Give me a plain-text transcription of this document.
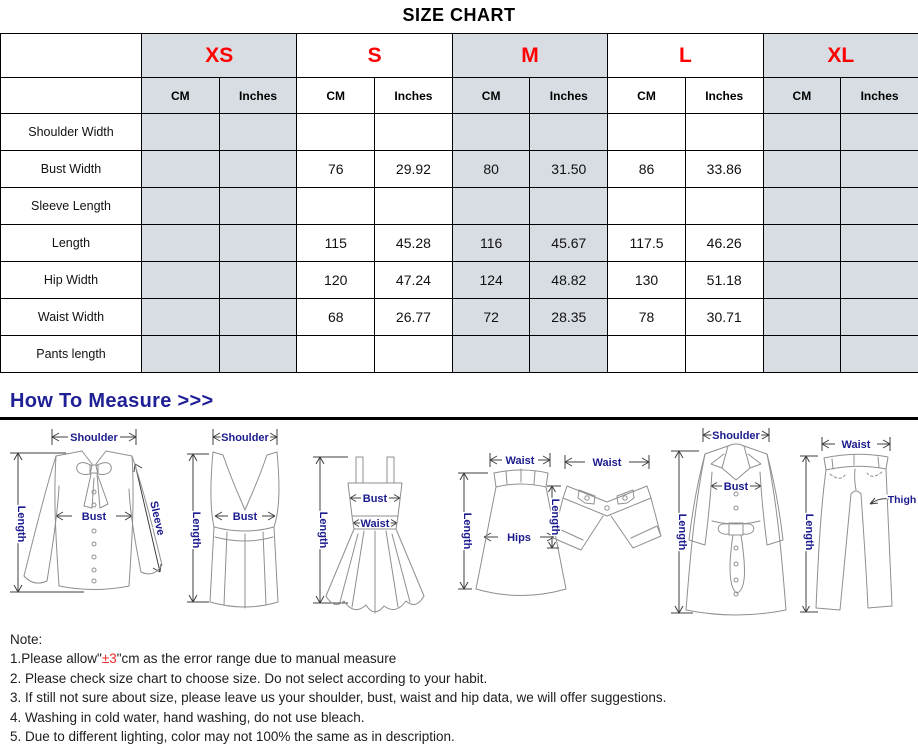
SIZE CHART
	XS		S		M		L		XL	
	CM	Inches	CM	Inches	CM	Inches	CM	Inches	CM	Inches
Shoulder Width										
Bust Width			76	29.92	80	31.50	86	33.86		
Sleeve Length										
Length			115	45.28	116	45.67	117.5	46.26		
Hip Width			120	47.24	124	48.82	130	51.18		
Waist Width			68	26.77	72	28.35	78	30.71		
Pants length										
How To Measure >>>
Shoulder
Length	Bust	Sleeve
Shoulder
Length	Bust
Bust
Waist
Length
Waist
Hips
Length
Waist
Length
Shoulder
Bust
Length
Waist
Thigh
Length
Note:
1.Please allow"±3"cm as the error range due to manual measure
2. Please check size chart to choose size. Do not select according to your habit.
3. If still not sure about size, please leave us your shoulder, bust, waist and hip data, we will offer suggestions.
4. Washing in cold water, hand washing, do not use bleach.
5. Due to different lighting, color may not 100% the same as in description.
